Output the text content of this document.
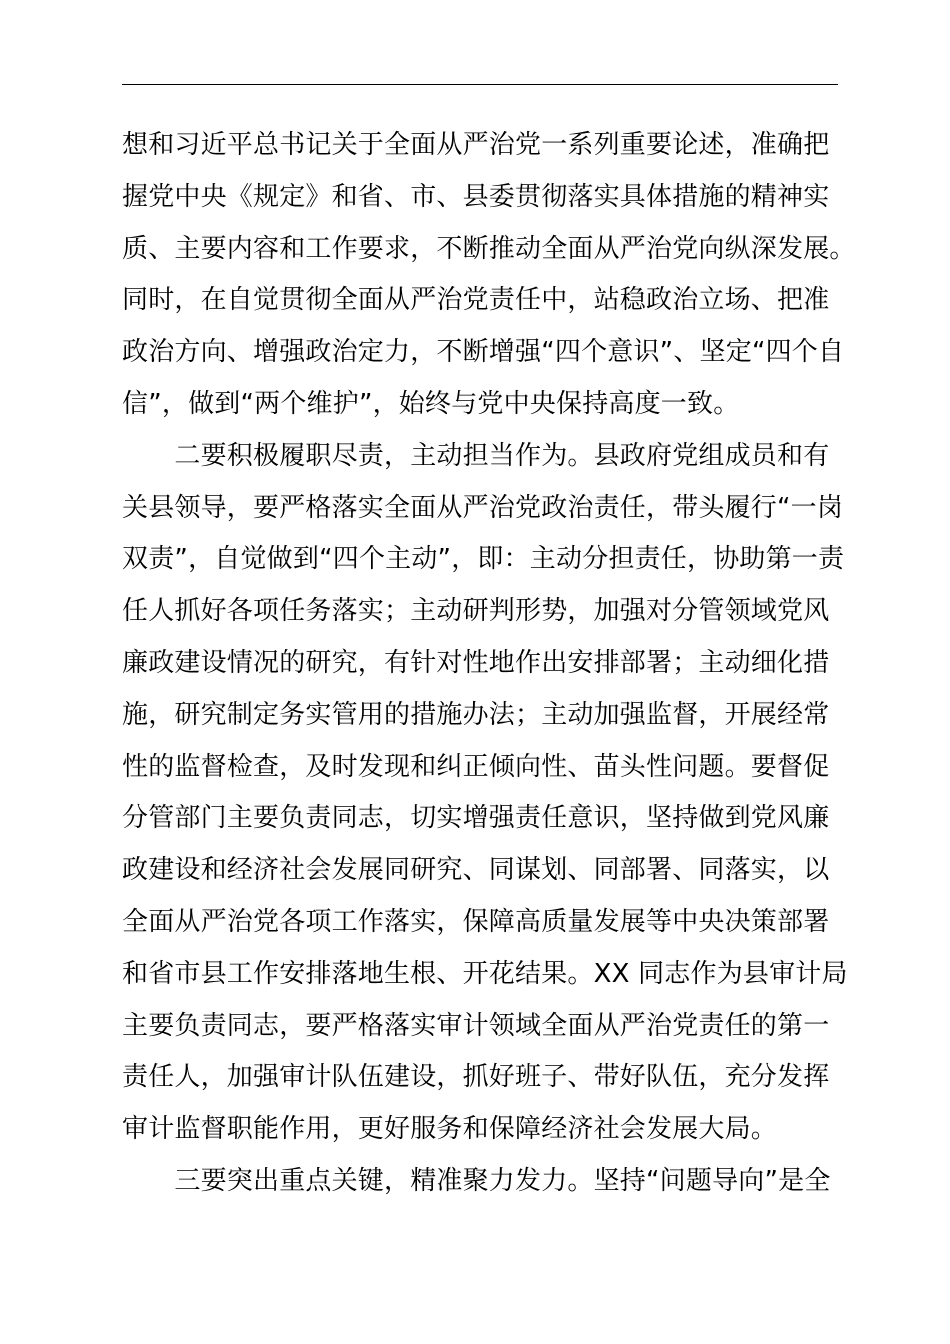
想和习近平总书记关于全面从严治党一系列重要论述，准确把
握党中央《规定》和省、市、县委贯彻落实具体措施的精神实
质、主要内容和工作要求，不断推动全面从严治党向纵深发展。
同时，在自觉贯彻全面从严治党责任中，站稳政治立场、把准
政治方向、增强政治定力，不断增强“四个意识”、坚定“四个自
信”，做到“两个维护”，始终与党中央保持高度一致。
　　二要积极履职尽责，主动担当作为。县政府党组成员和有
关县领导，要严格落实全面从严治党政治责任，带头履行“一岗
双责”，自觉做到“四个主动”，即：主动分担责任，协助第一责
任人抓好各项任务落实；主动研判形势，加强对分管领域党风
廉政建设情况的研究，有针对性地作出安排部署；主动细化措
施，研究制定务实管用的措施办法；主动加强监督，开展经常
性的监督检查，及时发现和纠正倾向性、苗头性问题。要督促
分管部门主要负责同志，切实增强责任意识，坚持做到党风廉
政建设和经济社会发展同研究、同谋划、同部署、同落实，以
全面从严治党各项工作落实，保障高质量发展等中央决策部署
和省市县工作安排落地生根、开花结果。XX 同志作为县审计局
主要负责同志，要严格落实审计领域全面从严治党责任的第一
责任人，加强审计队伍建设，抓好班子、带好队伍，充分发挥
审计监督职能作用，更好服务和保障经济社会发展大局。
　　三要突出重点关键，精准聚力发力。坚持“问题导向”是全
